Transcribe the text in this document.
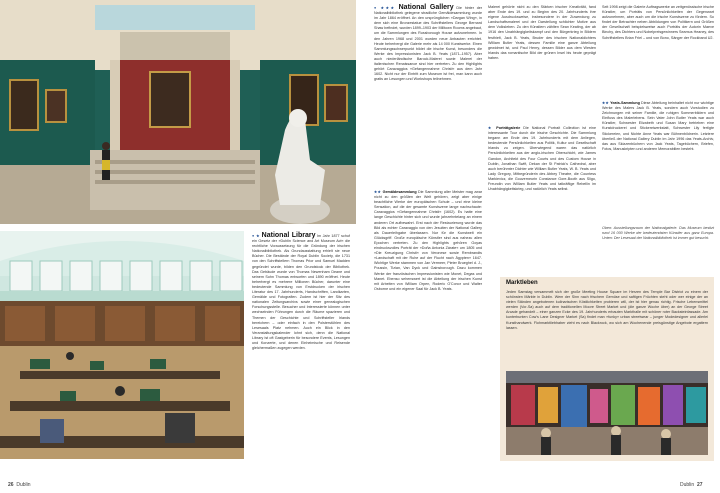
● ★ National Library Im Jahr 1877 schuf ein Gesetz der »Dublin Science and Art Museum Act« die rechtliche Voraussetzung für die Gründung der irischen Nationalbibliothek. Als Grundausstattung erhielt sie neue Bücher. Die Bestände der Royal Dublin Society, die 1731 von den Schriftstellern Thomas Prior und Samuel Madden gegründet wurde, bilden den Grundstock der Bibliothek. Das Gebäude wurde von Thomas Newenham Deane und seinem Sohn Thomas entworfen und 1890 eröffnet. Heute beherbergt es mehrere Millionen Bücher, darunter eine bedeutende Sammlung von Erstdrucken der irischen Literatur des 17. Jahrhunderts, Handschriften, Landkarten, Gemälde und Fotografien. Zudem ist hier der Sitz des nationalen Zeitungsarchivs sowie einer genealogischen Forschungsstelle. Besucher und Interessierte können unter wechselnden Führungen durch die Räume spazieren und Themen der Geschichte und Schriftsteller Irlands bereichern – oder einfach in den Polsterstühlen des Lesesaals Platz nehmen. Auch ein Blick in den Veranstaltungskalender lohnt sich, denn die National Library ist oft Gastgeberin für besondere Events, Lesungen und Konzerte, und denen Einheimische und Reisende gleichermaßen zugegen werden.
26 Dublin
● ★★★ National Gallery Die hinter der Nationalbibliothek gelegene stradliche Gemäldesammlung wurde im Jahr 1864 eröffnet. An den ursprünglichen »Dargan Wing«, in dem sich eine Bronzestatue des Schriftstellers George Bernard Shaw befindet, wurden 1899–1903 der Milltown Rooms angebaut, um die Sammlungen des Russborough House aufzunehmen. In den Jahren 1968 und 2001 wurden neue Anbauten errichtet. Heute beherbergt die Galerie mehr als 14 000 Kunstwerke. Einen Sammlungsschwerpunkt bildet die irische Kunst, besonders die Werke des Impressionisten Jack B. Yeats (1871–1957). Aber auch niederländische Barock-Malerei sowie Malerei der italienischen Renaissance sind hier vertreten. Zu den Highlights gehört Caravaggios »Gefangennahme Christi« aus dem Jahr 1602. Nicht nur der Eintritt zum Museum ist frei, man kann auch gratis an Lesungen und Workshops teilnehmen.
★★ Gemäldesammlung Die Sammlung aller Meister mag zwar nicht zu den größten der Welt gehören, zeigt aber einige beachtliche Werke der europäischen Schule – und eine kleine Sensation, auf die der gesamte Kunstszene lange nachschaute: Caravaggios »Gefangennahme Christi« (1602). Es hatte eine lange Geschichte hinter sich und wurde jahrzehntelang an einem anderen Ort aufbewahrt. Erst nach der Restaurierung wurde das Bild als echter Caravaggio von den Jesuiten der National Gallery als Dauerleihgabe überlassen. Nur für die Kunstwelt ein Glücksgriff. Große europäische Künstler sind aus nahezu allen Epochen vertreten. Zu den Highlights gehören Goyas eindrucksvolles Porträt der »Doña Antonia Zárate« um 1805 und »Die Kreuzigung Christi« von Veronese sowie Rembrandts »Landschaft mit der Ruhe auf der Flucht nach Ägypten« 1647. Wichtige Werke stammen von Jan Vermeer, Pieter Brueghel d. J., Poussin, Tizian, Van Dyck und Gainsborough. Dazu kommen Werke der französischen Impressionisten wie Monet, Degas und Manet. Ebenso sehenswert ist die Abteilung der irischen Kunst mit Arbeiten von William Orpen, Roderic O'Conor und Walter Osborne und ein eigener Saal für Jack B. Yeats.
Malerei gehörte nicht zu den Stärken irischer Kreativität, fand aber Ende des 19. und zu Beginn des 20. Jahrhunderts ihre eigene Ausdrucksweise, insbesondere in der Zuwendung zu Landschaftsmalerei und der Darstellung schlichter Motive aus dem Volksleben. Zu den Künstlern zählten Sean Keating, der ab 1916 den Unabhängigkeitskampf und den Bürgerkrieg in Bildern festhielt, Jack B. Yeats, Bruder des irischen Nationaldichters William Butler Yeats, dessen Familie eine ganze Abteilung gewidmet ist, und Paul Henry, dessen Bilder aus dem Westen Irlands das romantische Bild der grünen Insel bis heute geprägt haben.
★ Porträtgalerie Die National Portrait Collection ist eine interessante Tour durch die irische Geschichte. Die Sammlung begann am Ende des 19. Jahrhunderts mit dem Anliegen, bedeutende Persönlichkeiten aus Politik, Kultur und Gesellschaft Irlands zu zeigen. Überwiegend waren das natürlich Persönlichkeiten aus der anglo-irischen Oberschicht, wie James Gandon, Architekt des Four Courts und des Custom House in Dublin, Jonathan Swift, Dekan der St Patrick's Cathedral, aber auch berühmter Dichter wie William Butler Yeats, W. B. Yeats und Lady Gregory, Mitbegründerin des Abbey Theatre, die Countess Markievicz, die Gouverneurin Constance Gore-Booth aus Sligo, Freundin von William Butler Yeats und tatkräftige Rebellin im Unabhängigkeitskrieg, und natürlich Yeats selbst.
Seit 1998 zeigt die Galerie Auftragswerke an zeitgenössische irische Künstler, um Porträts von Persönlichkeiten der Gegenwart aufzunehmen, aber auch um die irische Kunstszene zu fördern. So findet der Betrachter neben Abbildungen von Politikern und Größen der Gesellschaft beispielsweise auch Porträts der Autorin Maeve Binchy, des Dichters und Nobelpreisgewinners Seamus Heaney, des Schriftstellers Brian Friel – und von Bono, Sänger der Rockband U2.
★★ Yeats-Sammlung Diese Abteilung beinhaltet nicht nur wichtige Werke des Malers Jack B. Yeats, sondern auch Vorstudien zu Zeichnungen mit seiner Familie, die ruhigen Sommerbildern und Einfluss des Malerlebens. Sein Vater John Butler Yeats war auch Künstler, Schwester Elizabeth und Susan Mary betrieben eine Kunstdruckerei und Stickereiwerkstatt, Schwester Lily fertigte Stickereien, und Nichte Anne Yeats war Bühnenbildnerin. Letztere überließ der National Gallery Dublin im Jahr 1996 das Yeats-Archiv, das aus Skizzenbüchern von Jack Yeats, Tagebüchern, Briefen, Fotos, Manuskripten und anderen Memorabilien besteht.
Oben: Ausstellungsraum der Nationalgalerie. Das Museum besitzt rund 16 000 Werke der bedeutendsten Künstler aus ganz Europa. Unten: Der Lesesaal der Nationalbibliothek ist immer gut besucht.
Marktleben
Jeden Samstag versammelt sich der große Meeting House Square im Herzen des Temple Bar District zu einem der schönsten Märkte in Dublin. Wem der Sinn nach frischem Gemüse und saftigen Früchten steht oder wer einige der an vielen Ständen angebotenen kulinarischen Köstlichkeiten probieren will, der ist hier genau richtig. Frische Lebensmittel werden (Vor-Sa) auch auf dem traditionellen Moore Street Market und (die ganze Woche über) an der George Street Arcade gehandelt – einer ganzen Ecke des 19. Jahrhunderts erbauten Markthalle mit schöner roter Backsteinfassade. Am kunterbunten Cow's Lane Designer Market (Sa) findet man »funky« urban streetwear – junger Modedesigner und allerlei Kunsthandwerk. Flohmarktliebhaber zieht es nach Blackrock, wo sich am Wochenende preisgünstige Angebote ergattern lassen.
Dublin 27
